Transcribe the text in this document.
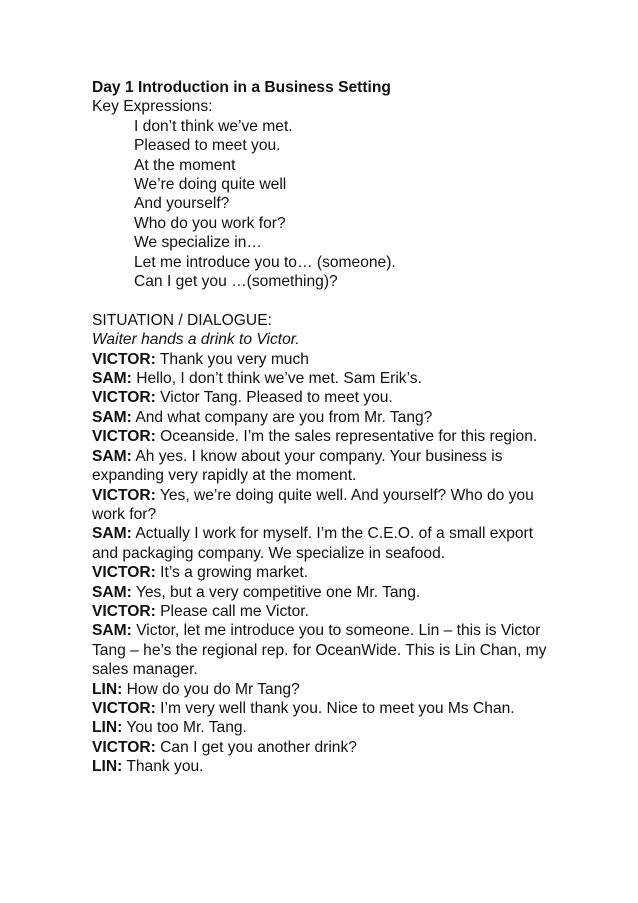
Day 1 Introduction in a Business Setting
Key Expressions:
I don’t think we’ve met.
Pleased to meet you.
At the moment
We’re doing quite well
And yourself?
Who do you work for?
We specialize in…
Let me introduce you to… (someone).
Can I get you …(something)?
SITUATION / DIALOGUE:
Waiter hands a drink to Victor.
VICTOR: Thank you very much
SAM: Hello, I don’t think we’ve met. Sam Erik’s.
VICTOR: Victor Tang. Pleased to meet you.
SAM: And what company are you from Mr. Tang?
VICTOR: Oceanside. I’m the sales representative for this region.
SAM: Ah yes. I know about your company. Your business is expanding very rapidly at the moment.
VICTOR: Yes, we’re doing quite well. And yourself? Who do you work for?
SAM: Actually I work for myself. I’m the C.E.O. of a small export and packaging company. We specialize in seafood.
VICTOR: It’s a growing market.
SAM: Yes, but a very competitive one Mr. Tang.
VICTOR: Please call me Victor.
SAM: Victor, let me introduce you to someone. Lin – this is Victor Tang – he’s the regional rep. for OceanWide. This is Lin Chan, my sales manager.
LIN: How do you do Mr Tang?
VICTOR: I’m very well thank you. Nice to meet you Ms Chan.
LIN: You too Mr. Tang.
VICTOR: Can I get you another drink?
LIN: Thank you.
